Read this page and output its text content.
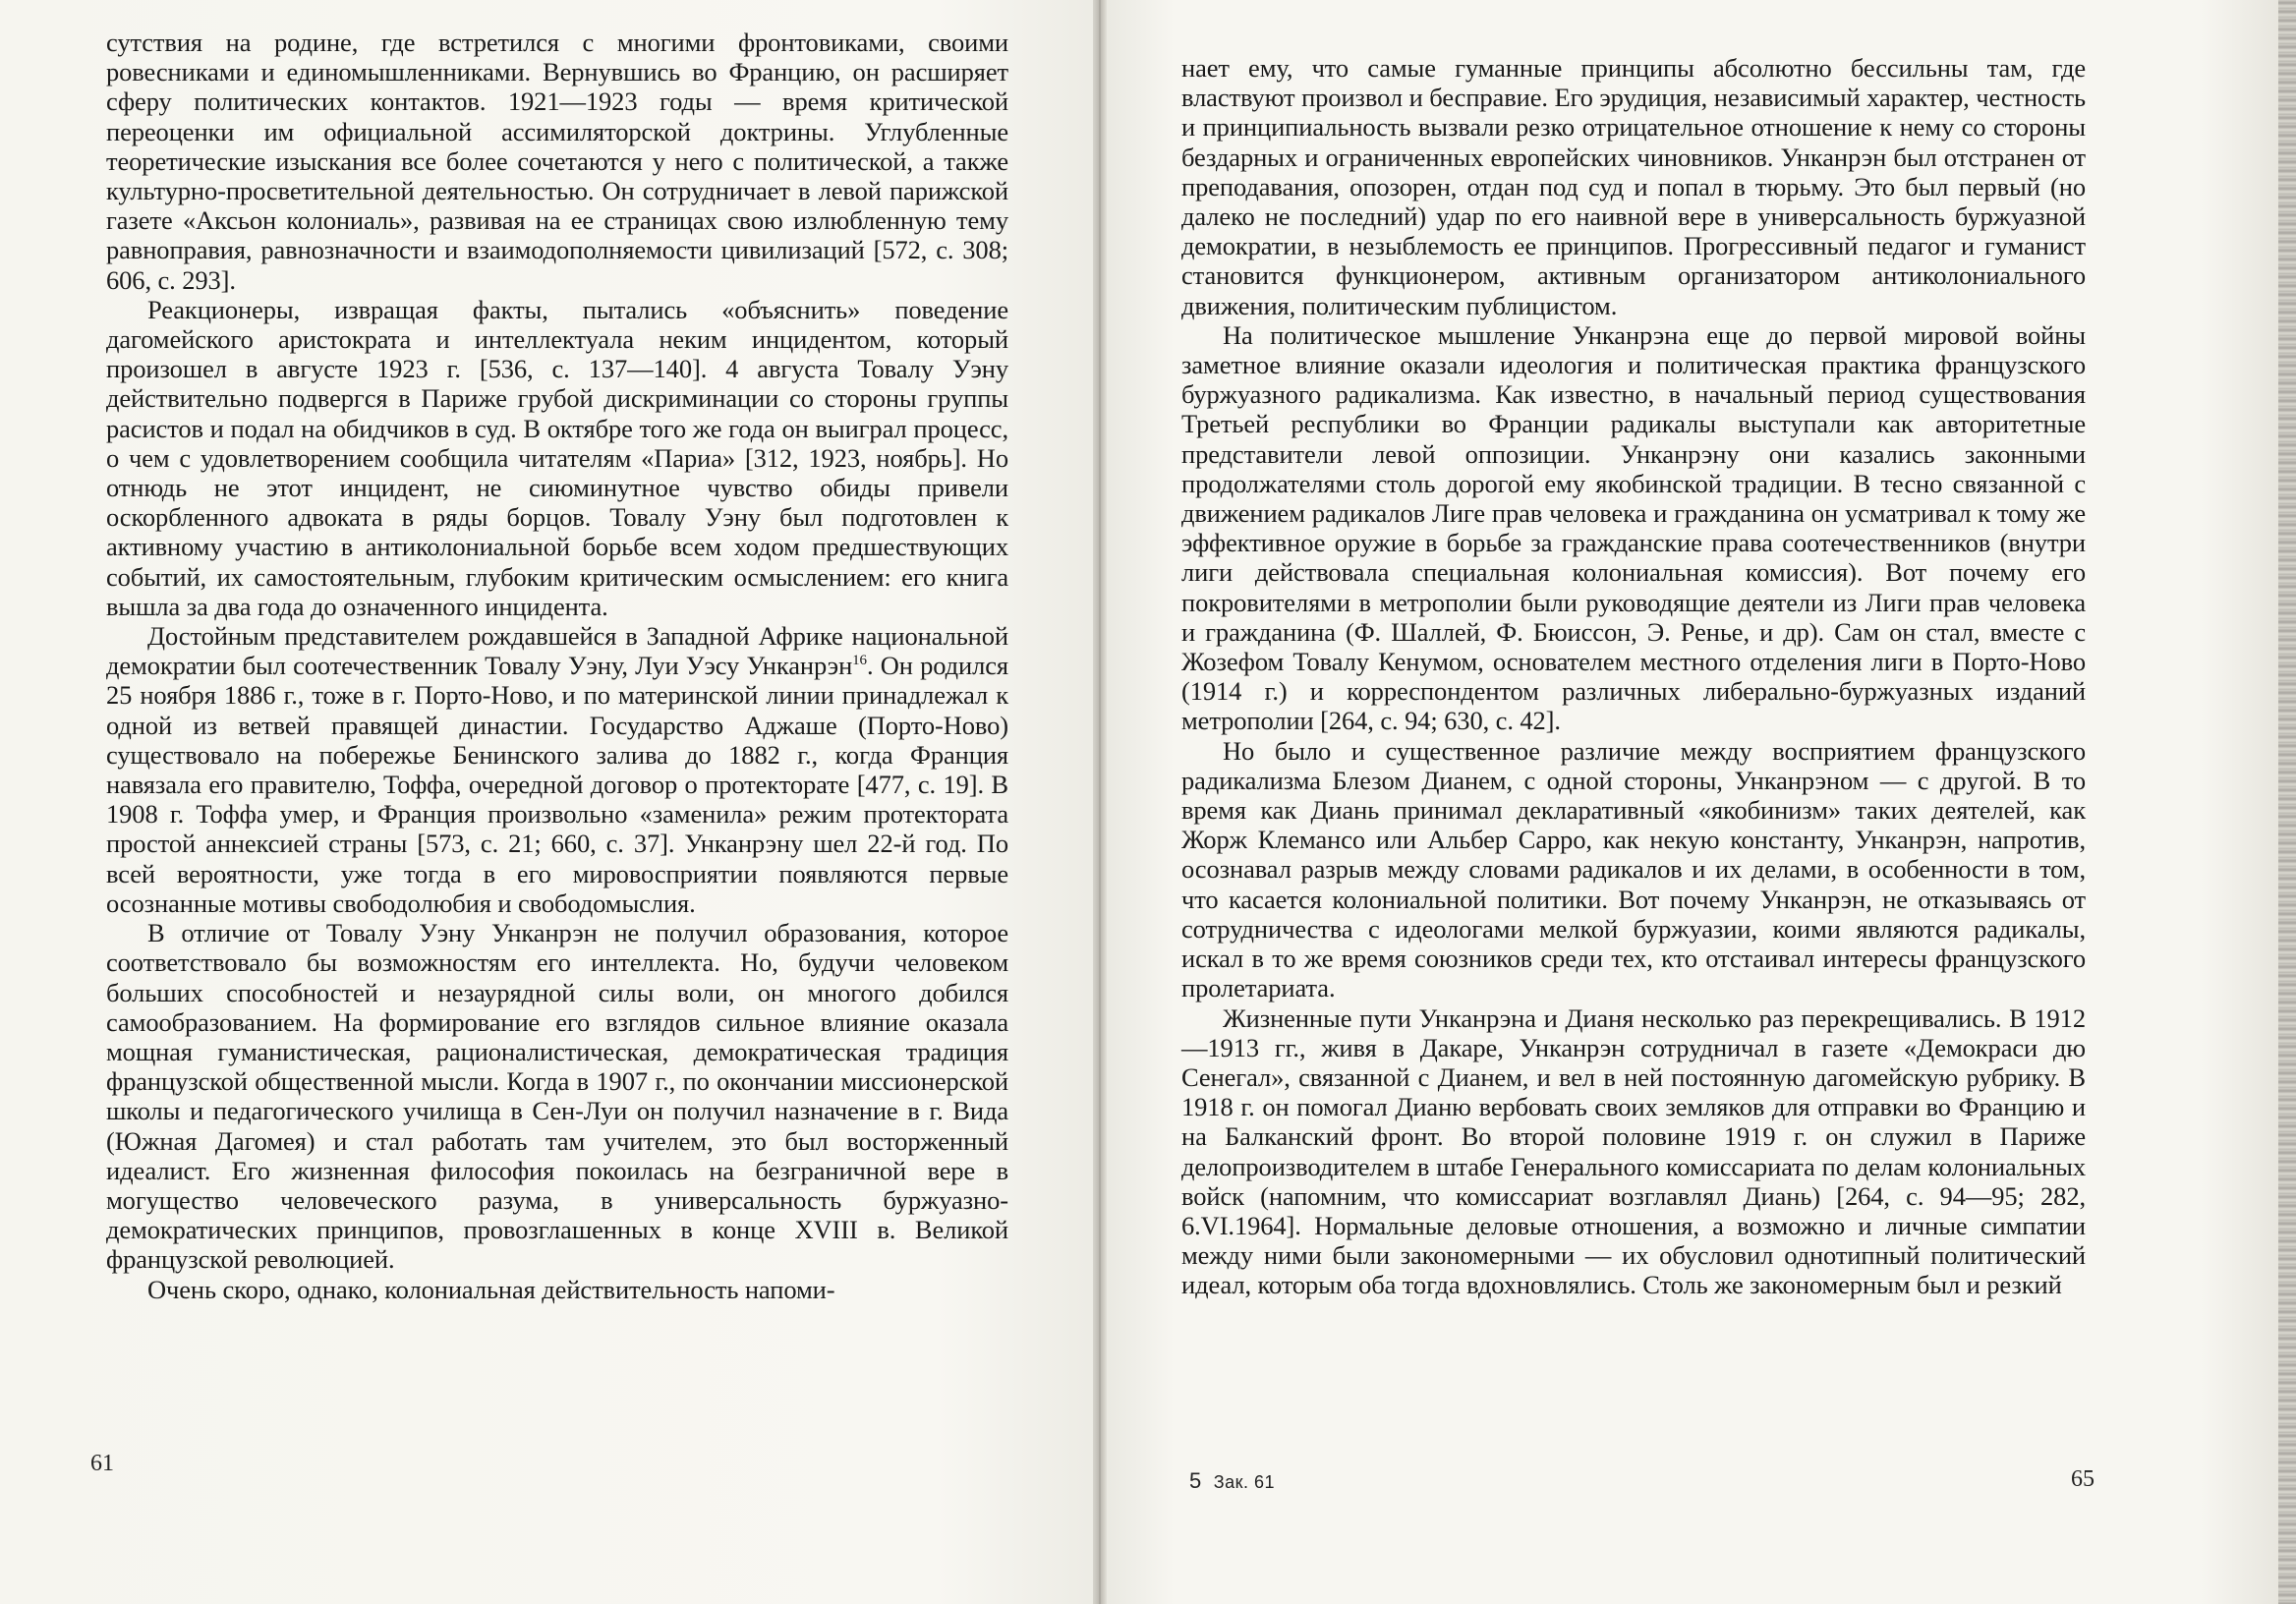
сутствия на родине, где встретился с многими фронтовиками, своими ровесниками и единомышленниками. Вернувшись во Францию, он расширяет сферу политических контактов. 1921—1923 годы — время критической переоценки им официальной ассимиляторской доктрины. Углубленные теоретические изыскания все более сочетаются у него с политической, а также культурно-просветительной деятельностью. Он сотрудничает в левой парижской газете «Аксьон колониаль», развивая на ее страницах свою излюбленную тему равноправия, равнозначности и взаимодополняемости цивилизаций [572, с. 308; 606, с. 293].

Реакционеры, извращая факты, пытались «объяснить» поведение дагомейского аристократа и интеллектуала неким инцидентом, который произошел в августе 1923 г. [536, с. 137—140]. 4 августа Товалу Уэну действительно подвергся в Париже грубой дискриминации со стороны группы расистов и подал на обидчиков в суд. В октябре того же года он выиграл процесс, о чем с удовлетворением сообщила читателям «Париа» [312, 1923, ноябрь]. Но отнюдь не этот инцидент, не сиюминутное чувство обиды привели оскорбленного адвоката в ряды борцов. Товалу Уэну был подготовлен к активному участию в антиколониальной борьбе всем ходом предшествующих событий, их самостоятельным, глубоким критическим осмыслением: его книга вышла за два года до означенного инцидента.

Достойным представителем рождавшейся в Западной Африке национальной демократии был соотечественник Товалу Уэну, Луи Уэсу Унканрэн$^{16}$. Он родился 25 ноября 1886 г., тоже в г. Порто-Ново, и по материнской линии принадлежал к одной из ветвей правящей династии. Государство Аджаше (Порто-Ново) существовало на побережье Бенинского залива до 1882 г., когда Франция навязала его правителю, Тоффа, очередной договор о протекторате [477, с. 19]. В 1908 г. Тоффа умер, и Франция произвольно «заменила» режим протектората простой аннексией страны [573, с. 21; 660, с. 37]. Унканрэну шел 22-й год. По всей вероятности, уже тогда в его мировосприятии появляются первые осознанные мотивы свободолюбия и свободомыслия.

В отличие от Товалу Уэну Унканрэн не получил образования, которое соответствовало бы возможностям его интеллекта. Но, будучи человеком больших способностей и незаурядной силы воли, он многого добился самообразованием. На формирование его взглядов сильное влияние оказала мощная гуманистическая, рационалистическая, демократическая традиция французской общественной мысли. Когда в 1907 г., по окончании миссионерской школы и педагогического училища в Сен-Луи он получил назначение в г. Вида (Южная Дагомея) и стал работать там учителем, это был восторженный идеалист. Его жизненная философия покоилась на безграничной вере в могущество человеческого разума, в универсальность буржуазно-демократических принципов, провозглашенных в конце XVIII в. Великой французской революцией.

Очень скоро, однако, колониальная действительность напоми-

61

нает ему, что самые гуманные принципы абсолютно бессильны там, где властвуют произвол и бесправие. Его эрудиция, независимый характер, честность и принципиальность вызвали резко отрицательное отношение к нему со стороны бездарных и ограниченных европейских чиновников. Унканрэн был отстранен от преподавания, опозорен, отдан под суд и попал в тюрьму. Это был первый (но далеко не последний) удар по его наивной вере в универсальность буржуазной демократии, в незыблемость ее принципов. Прогрессивный педагог и гуманист становится функционером, активным организатором антиколониального движения, политическим публицистом.

На политическое мышление Унканрэна еще до первой мировой войны заметное влияние оказали идеология и политическая практика французского буржуазного радикализма. Как известно, в начальный период существования Третьей республики во Франции радикалы выступали как авторитетные представители левой оппозиции. Унканрэну они казались законными продолжателями столь дорогой ему якобинской традиции. В тесно связанной с движением радикалов Лиге прав человека и гражданина он усматривал к тому же эффективное оружие в борьбе за гражданские права соотечественников (внутри лиги действовала специальная колониальная комиссия). Вот почему его покровителями в метрополии были руководящие деятели из Лиги прав человека и гражданина (Ф. Шаллей, Ф. Бюиссон, Э. Ренье, и др). Сам он стал, вместе с Жозефом Товалу Кенумом, основателем местного отделения лиги в Порто-Ново (1914 г.) и корреспондентом различных либерально-буржуазных изданий метрополии [264, с. 94; 630, с. 42].

Но было и существенное различие между восприятием французского радикализма Блезом Дианем, с одной стороны, Унканрэном — с другой. В то время как Диань принимал декларативный «якобинизм» таких деятелей, как Жорж Клемансо или Альбер Сарро, как некую константу, Унканрэн, напротив, осознавал разрыв между словами радикалов и их делами, в особенности в том, что касается колониальной политики. Вот почему Унканрэн, не отказываясь от сотрудничества с идеологами мелкой буржуазии, коими являются радикалы, искал в то же время союзников среди тех, кто отстаивал интересы французского пролетариата.

Жизненные пути Унканрэна и Дианя несколько раз перекрещивались. В 1912—1913 гг., живя в Дакаре, Унканрэн сотрудничал в газете «Демокраси дю Сенегал», связанной с Дианем, и вел в ней постоянную дагомейскую рубрику. В 1918 г. он помогал Дианю вербовать своих земляков для отправки во Францию и на Балканский фронт. Во второй половине 1919 г. он служил в Париже делопроизводителем в штабе Генерального комиссариата по делам колониальных войск (напомним, что комиссариат возглавлял Диань) [264, с. 94—95; 282, 6.VI.1964]. Нормальные деловые отношения, а возможно и личные симпатии между ними были закономерными — их обусловил однотипный политический идеал, которым оба тогда вдохновлялись. Столь же закономерным был и резкий

5 Зак. 61	65
